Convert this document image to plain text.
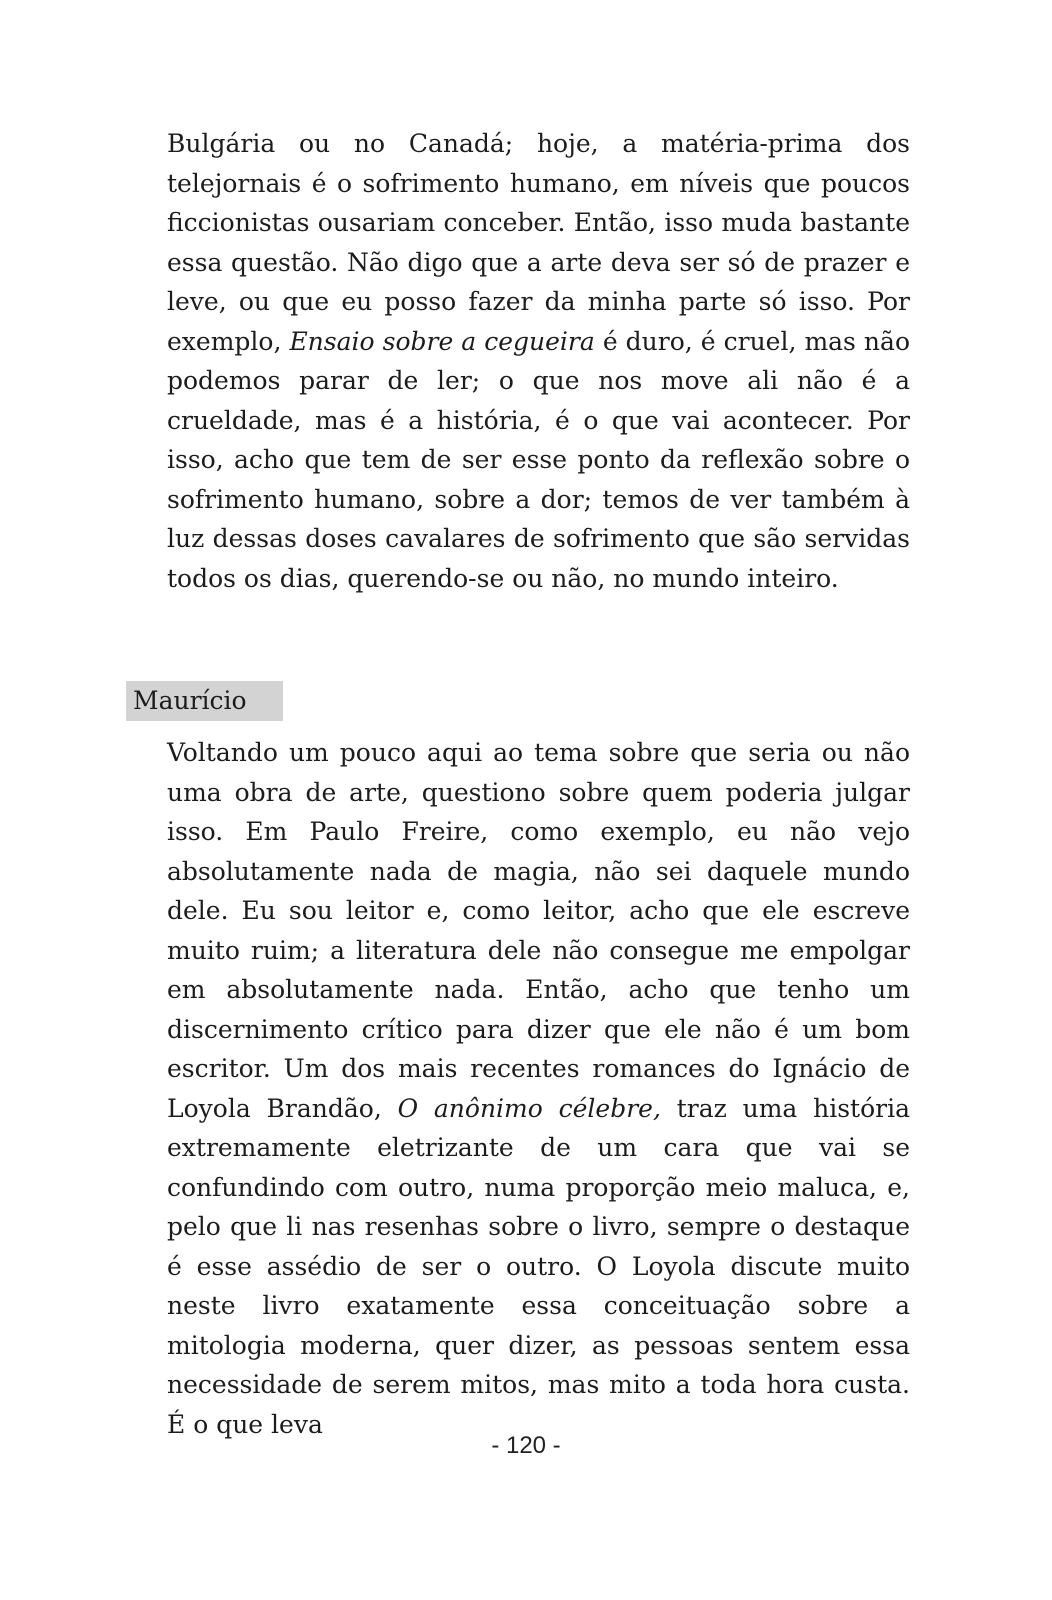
Bulgária ou no Canadá; hoje, a matéria-prima dos telejornais é o sofrimento humano, em níveis que poucos ficcionistas ousariam conceber. Então, isso muda bastante essa questão. Não digo que a arte deva ser só de prazer e leve, ou que eu posso fazer da minha parte só isso. Por exemplo, Ensaio sobre a cegueira é duro, é cruel, mas não podemos parar de ler; o que nos move ali não é a crueldade, mas é a história, é o que vai acontecer. Por isso, acho que tem de ser esse ponto da reflexão sobre o sofrimento humano, sobre a dor; temos de ver também à luz dessas doses cavalares de sofrimento que são servidas todos os dias, querendo-se ou não, no mundo inteiro.

Maurício

Voltando um pouco aqui ao tema sobre que seria ou não uma obra de arte, questiono sobre quem poderia julgar isso. Em Paulo Freire, como exemplo, eu não vejo absolutamente nada de magia, não sei daquele mundo dele. Eu sou leitor e, como leitor, acho que ele escreve muito ruim; a literatura dele não consegue me empolgar em absolutamente nada. Então, acho que tenho um discernimento crítico para dizer que ele não é um bom escritor. Um dos mais recentes romances do Ignácio de Loyola Brandão, O anônimo célebre, traz uma história extremamente eletrizante de um cara que vai se confundindo com outro, numa proporção meio maluca, e, pelo que li nas resenhas sobre o livro, sempre o destaque é esse assédio de ser o outro. O Loyola discute muito neste livro exatamente essa conceituação sobre a mitologia moderna, quer dizer, as pessoas sentem essa necessidade de serem mitos, mas mito a toda hora custa. É o que leva

- 120 -
